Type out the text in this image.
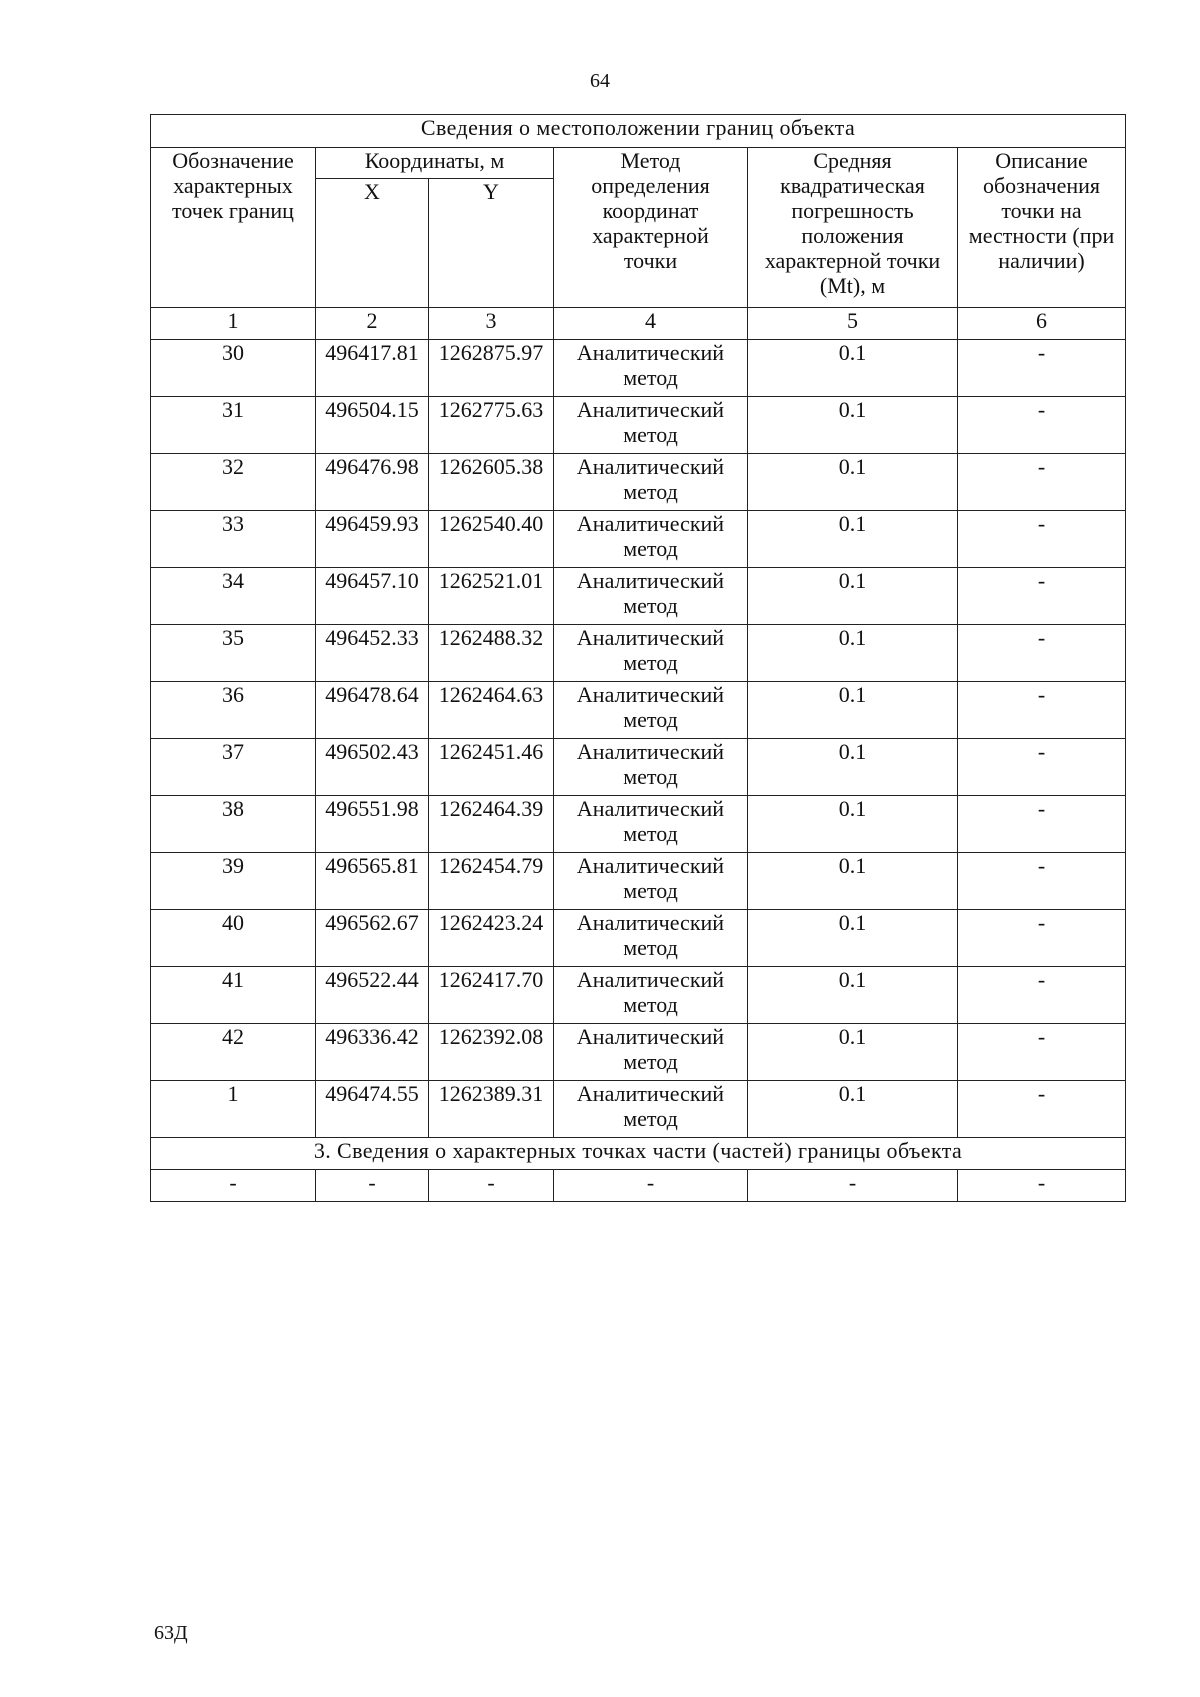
64
Сведения о местоположении границ объекта					
Обозначение характерных точек границ	Координаты, м		Метод определения координат характерной точки	Средняя квадратическая погрешность положения характерной точки (Mt), м	Описание обозначения точки на местности (при наличии)
	X	Y			
1	2	3	4	5	6
30	496417.81	1262875.97	Аналитический метод	0.1	-
31	496504.15	1262775.63	Аналитический метод	0.1	-
32	496476.98	1262605.38	Аналитический метод	0.1	-
33	496459.93	1262540.40	Аналитический метод	0.1	-
34	496457.10	1262521.01	Аналитический метод	0.1	-
35	496452.33	1262488.32	Аналитический метод	0.1	-
36	496478.64	1262464.63	Аналитический метод	0.1	-
37	496502.43	1262451.46	Аналитический метод	0.1	-
38	496551.98	1262464.39	Аналитический метод	0.1	-
39	496565.81	1262454.79	Аналитический метод	0.1	-
40	496562.67	1262423.24	Аналитический метод	0.1	-
41	496522.44	1262417.70	Аналитический метод	0.1	-
42	496336.42	1262392.08	Аналитический метод	0.1	-
1	496474.55	1262389.31	Аналитический метод	0.1	-
3. Сведения о характерных точках части (частей) границы объекта					
-	-	-	-	-	-
63Д
